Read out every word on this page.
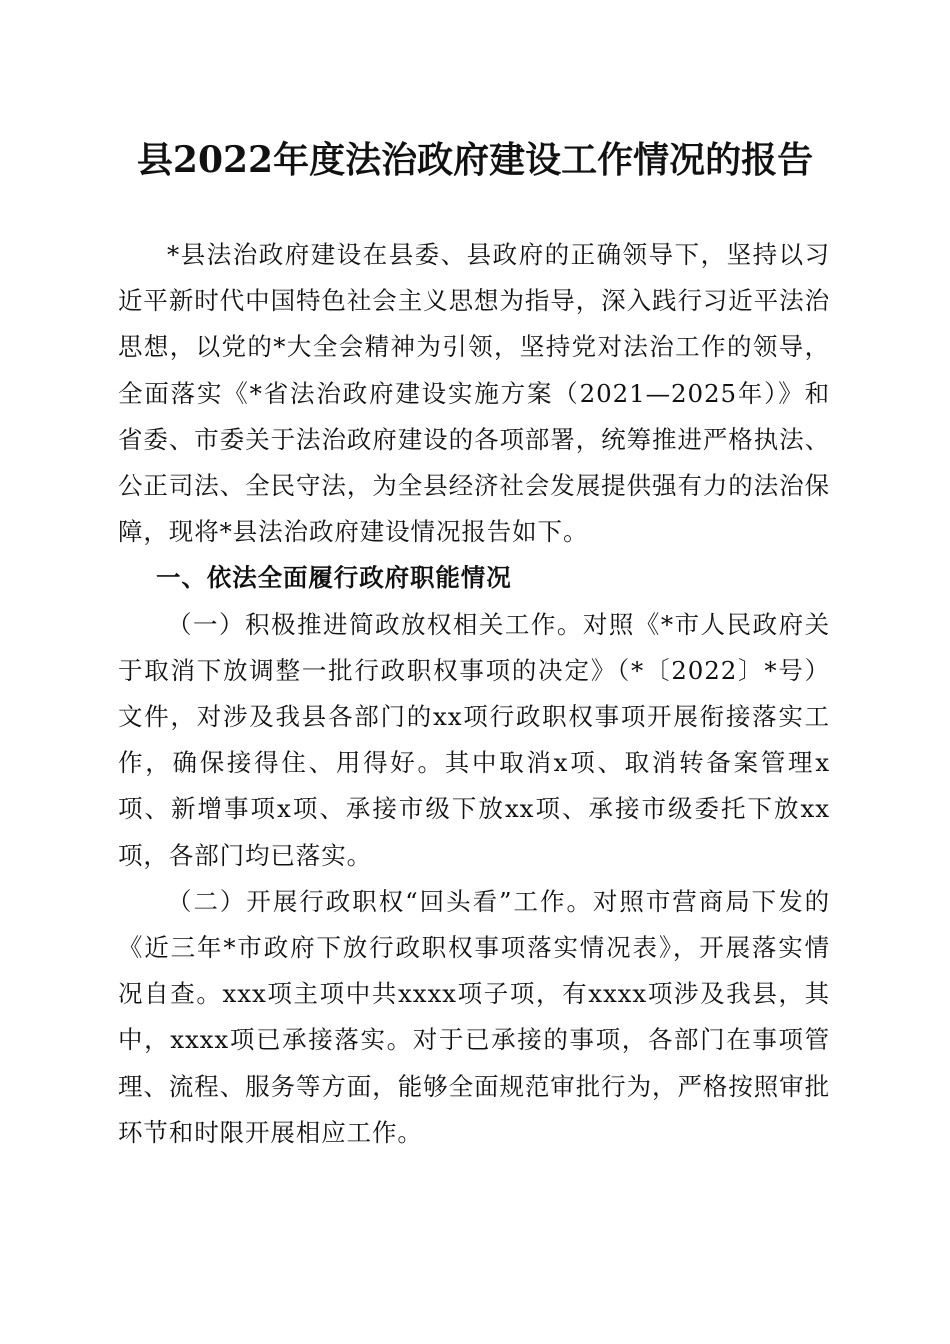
县2022年度法治政府建设工作情况的报告

*县法治政府建设在县委、县政府的正确领导下，坚持以习近平新时代中国特色社会主义思想为指导，深入践行习近平法治思想，以党的*大全会精神为引领，坚持党对法治工作的领导，全面落实《*省法治政府建设实施方案（2021—2025年）》和省委、市委关于法治政府建设的各项部署，统筹推进严格执法、公正司法、全民守法，为全县经济社会发展提供强有力的法治保障，现将*县法治政府建设情况报告如下。

一、依法全面履行政府职能情况

（一）积极推进简政放权相关工作。对照《*市人民政府关于取消下放调整一批行政职权事项的决定》（*〔2022〕*号）文件，对涉及我县各部门的xx项行政职权事项开展衔接落实工作，确保接得住、用得好。其中取消x项、取消转备案管理x项、新增事项x项、承接市级下放xx项、承接市级委托下放xx项，各部门均已落实。

（二）开展行政职权“回头看”工作。对照市营商局下发的《近三年*市政府下放行政职权事项落实情况表》，开展落实情况自查。xxx项主项中共xxxx项子项，有xxxx项涉及我县，其中，xxxx项已承接落实。对于已承接的事项，各部门在事项管理、流程、服务等方面，能够全面规范审批行为，严格按照审批环节和时限开展相应工作。
